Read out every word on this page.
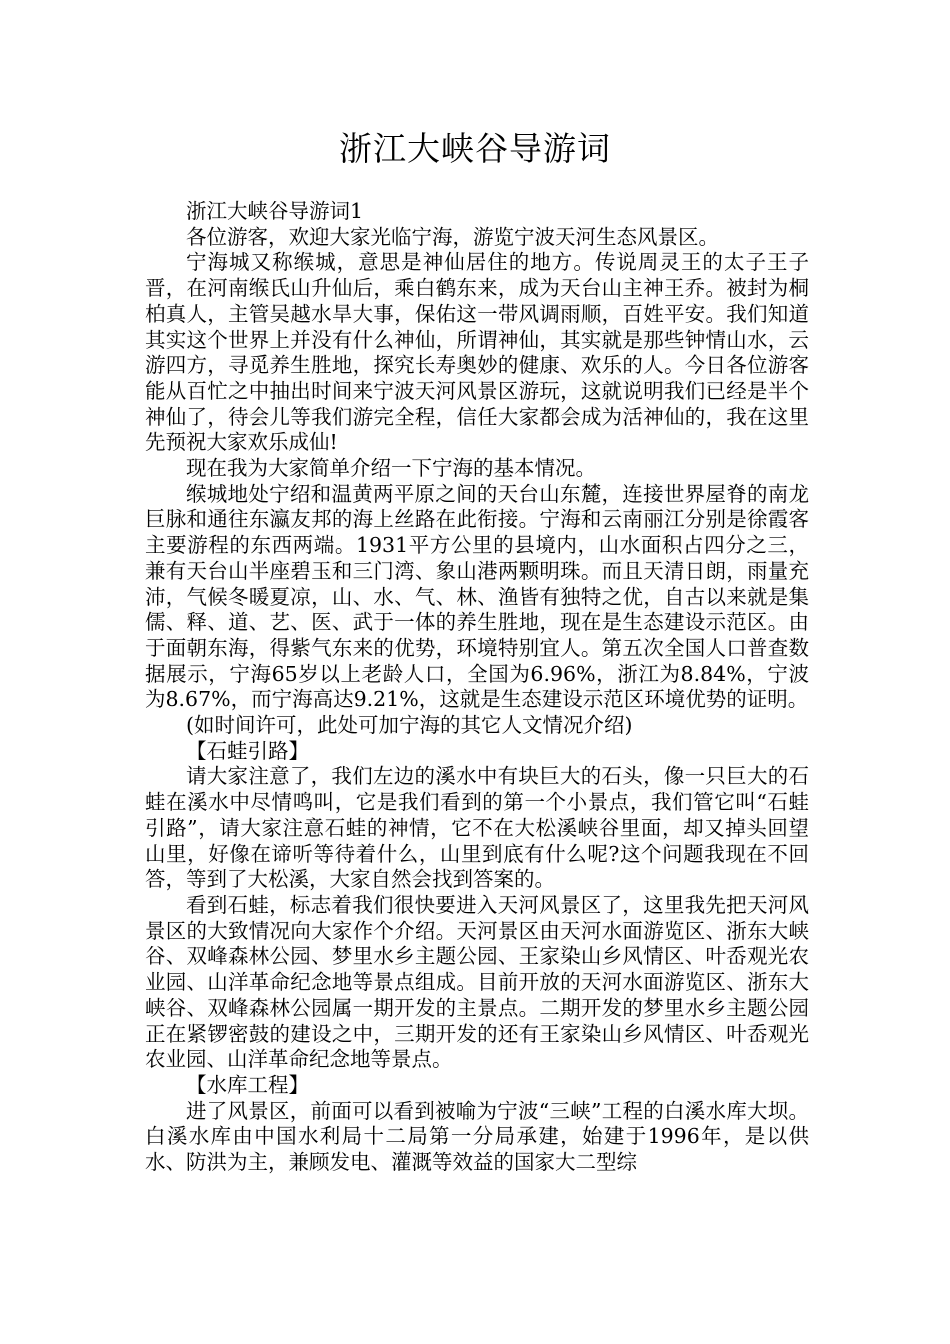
浙江大峡谷导游词

浙江大峡谷导游词1

各位游客，欢迎大家光临宁海，游览宁波天河生态风景区。

宁海城又称缑城，意思是神仙居住的地方。传说周灵王的太子王子晋，在河南缑氏山升仙后，乘白鹤东来，成为天台山主神王乔。被封为桐柏真人，主管吴越水旱大事，保佑这一带风调雨顺，百姓平安。我们知道其实这个世界上并没有什么神仙，所谓神仙，其实就是那些钟情山水，云游四方，寻觅养生胜地，探究长寿奥妙的健康、欢乐的人。今日各位游客能从百忙之中抽出时间来宁波天河风景区游玩，这就说明我们已经是半个神仙了，待会儿等我们游完全程，信任大家都会成为活神仙的，我在这里先预祝大家欢乐成仙!

现在我为大家简单介绍一下宁海的基本情况。

缑城地处宁绍和温黄两平原之间的天台山东麓，连接世界屋脊的南龙巨脉和通往东瀛友邦的海上丝路在此衔接。宁海和云南丽江分别是徐霞客主要游程的东西两端。1931平方公里的县境内，山水面积占四分之三，兼有天台山半座碧玉和三门湾、象山港两颗明珠。而且天清日朗，雨量充沛，气候冬暖夏凉，山、水、气、林、渔皆有独特之优，自古以来就是集儒、释、道、艺、医、武于一体的养生胜地，现在是生态建设示范区。由于面朝东海，得紫气东来的优势，环境特别宜人。第五次全国人口普查数据展示，宁海65岁以上老龄人口，全国为6.96%，浙江为8.84%，宁波为8.67%，而宁海高达9.21%，这就是生态建设示范区环境优势的证明。

(如时间许可，此处可加宁海的其它人文情况介绍)

【石蛙引路】

请大家注意了，我们左边的溪水中有块巨大的石头，像一只巨大的石蛙在溪水中尽情鸣叫，它是我们看到的第一个小景点，我们管它叫“石蛙引路”，请大家注意石蛙的神情，它不在大松溪峡谷里面，却又掉头回望山里，好像在谛听等待着什么，山里到底有什么呢?这个问题我现在不回答，等到了大松溪，大家自然会找到答案的。

看到石蛙，标志着我们很快要进入天河风景区了，这里我先把天河风景区的大致情况向大家作个介绍。天河景区由天河水面游览区、浙东大峡谷、双峰森林公园、梦里水乡主题公园、王家染山乡风情区、叶岙观光农业园、山洋革命纪念地等景点组成。目前开放的天河水面游览区、浙东大峡谷、双峰森林公园属一期开发的主景点。二期开发的梦里水乡主题公园正在紧锣密鼓的建设之中，三期开发的还有王家染山乡风情区、叶岙观光农业园、山洋革命纪念地等景点。

【水库工程】

进了风景区，前面可以看到被喻为宁波“三峡”工程的白溪水库大坝。白溪水库由中国水利局十二局第一分局承建，始建于1996年，是以供水、防洪为主，兼顾发电、灌溉等效益的国家大二型综
